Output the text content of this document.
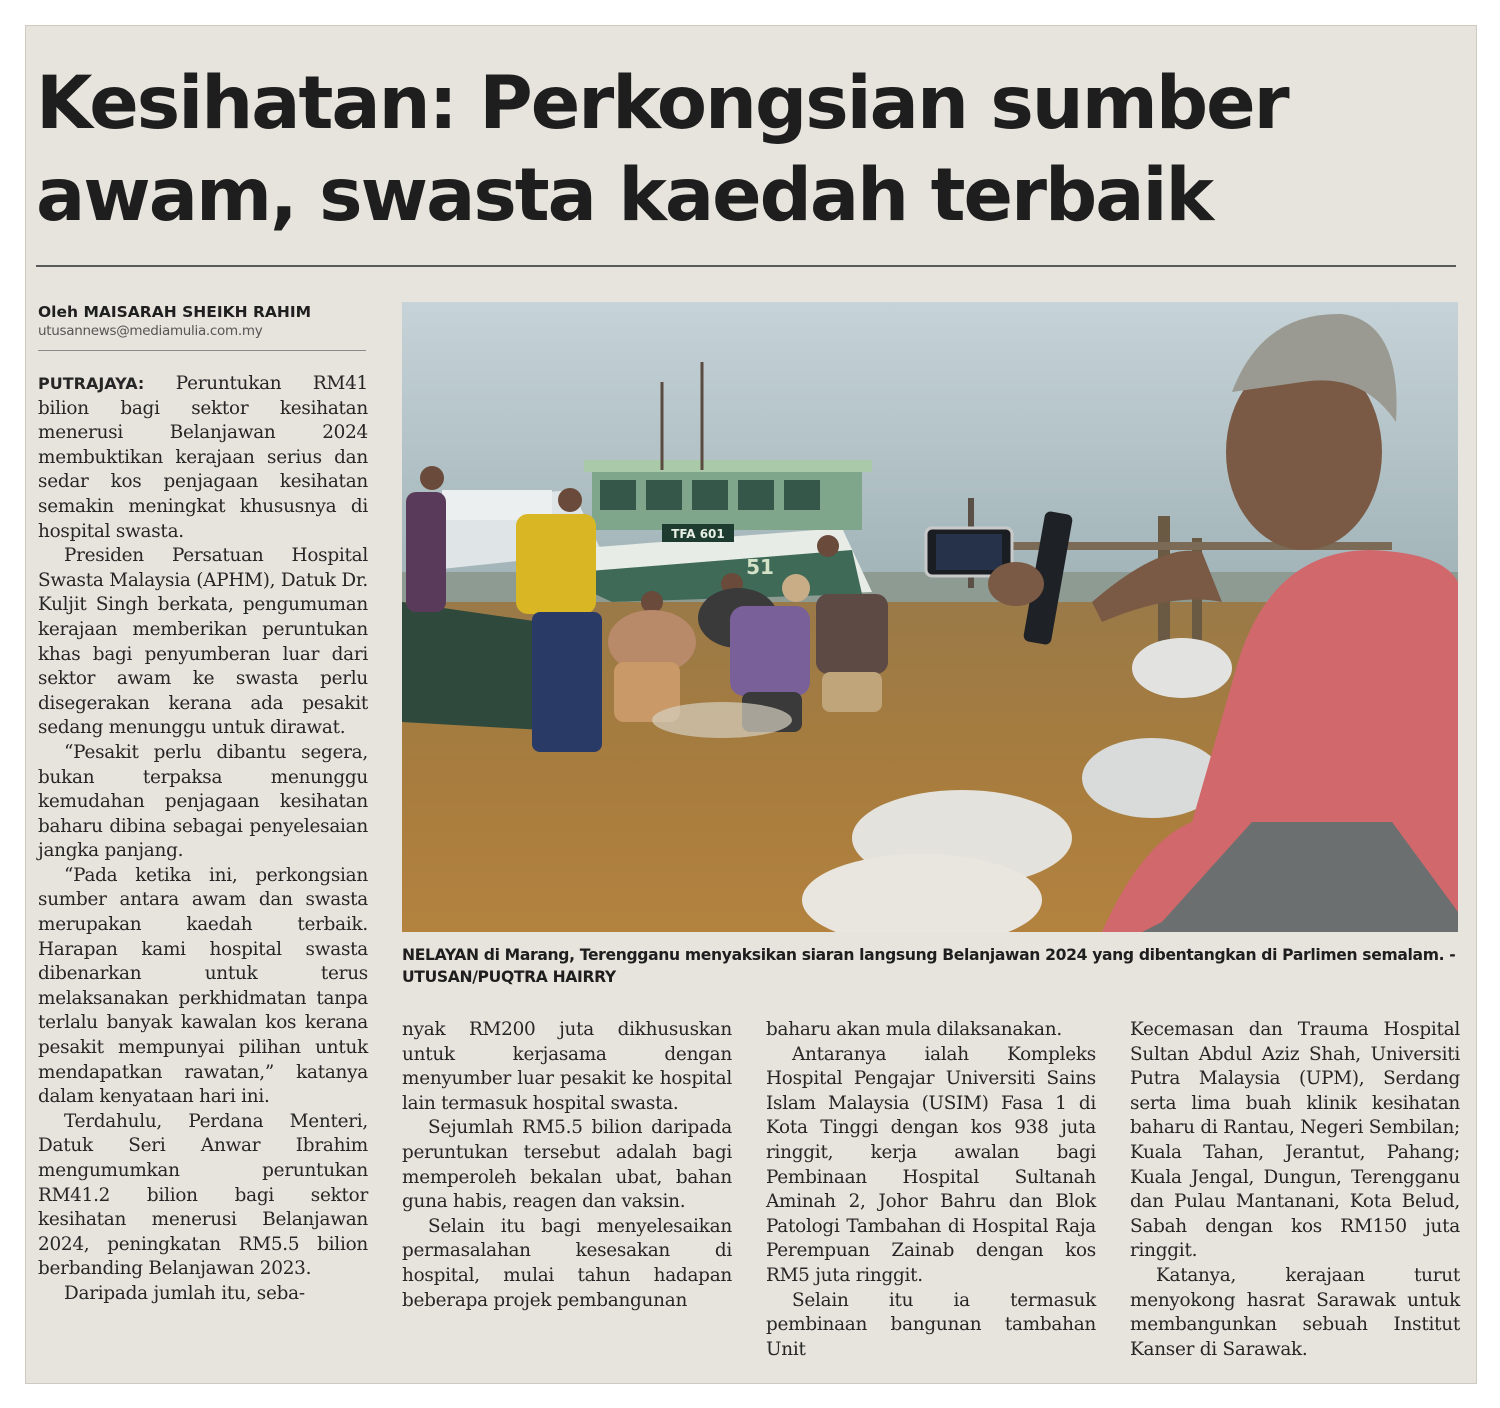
Kesihatan: Perkongsian sumber
awam, swasta kaedah terbaik
Oleh MAISARAH SHEIKH RAHIM
utusannews@mediamulia.com.my

PUTRAJAYA: Peruntukan RM41 bilion bagi sektor kesihatan menerusi Belanjawan 2024 membuktikan kerajaan serius dan sedar kos penjagaan kesihatan semakin meningkat khususnya di hospital swasta.

Presiden Persatuan Hospital Swasta Malaysia (APHM), Datuk Dr. Kuljit Singh berkata, pengumuman kerajaan memberikan peruntukan khas bagi penyumberan luar dari sektor awam ke swasta perlu disegerakan kerana ada pesakit sedang menunggu untuk dirawat.

“Pesakit perlu dibantu segera, bukan terpaksa menunggu kemudahan penjagaan kesihatan baharu dibina sebagai penyelesaian jangka panjang.

“Pada ketika ini, perkongsian sumber antara awam dan swasta merupakan kaedah terbaik. Harapan kami hospital swasta dibenarkan untuk terus melaksanakan perkhidmatan tanpa terlalu banyak kawalan kos kerana pesakit mempunyai pilihan untuk mendapatkan rawatan,” katanya dalam kenyataan hari ini.

Terdahulu, Perdana Menteri, Datuk Seri Anwar Ibrahim mengumumkan peruntukan RM41.2 bilion bagi sektor kesihatan menerusi Belanjawan 2024, peningkatan RM5.5 bilion berbanding Belanjawan 2023.

Daripada jumlah itu, seba-

TFA 601
51
NELAYAN di Marang, Terengganu menyaksikan siaran langsung Belanjawan 2024 yang dibentangkan di Parlimen semalam. - UTUSAN/PUQTRA HAIRRY

nyak RM200 juta dikhususkan untuk kerjasama dengan menyumber luar pesakit ke hospital lain termasuk hospital swasta.

Sejumlah RM5.5 bilion daripada peruntukan tersebut adalah bagi memperoleh bekalan ubat, bahan guna habis, reagen dan vaksin.

Selain itu bagi menyelesaikan permasalahan kesesakan di hospital, mulai tahun hadapan beberapa projek pembangunan

baharu akan mula dilaksanakan.

Antaranya ialah Kompleks Hospital Pengajar Universiti Sains Islam Malaysia (USIM) Fasa 1 di Kota Tinggi dengan kos 938 juta ringgit, kerja awalan bagi Pembinaan Hospital Sultanah Aminah 2, Johor Bahru dan Blok Patologi Tambahan di Hospital Raja Perempuan Zainab dengan kos RM5 juta ringgit.

Selain itu ia termasuk pembinaan bangunan tambahan Unit

Kecemasan dan Trauma Hospital Sultan Abdul Aziz Shah, Universiti Putra Malaysia (UPM), Serdang serta lima buah klinik kesihatan baharu di Rantau, Negeri Sembilan; Kuala Tahan, Jerantut, Pahang; Kuala Jengal, Dungun, Terengganu dan Pulau Mantanani, Kota Belud, Sabah dengan kos RM150 juta ringgit.

Katanya, kerajaan turut menyokong hasrat Sarawak untuk membangunkan sebuah Institut Kanser di Sarawak.
